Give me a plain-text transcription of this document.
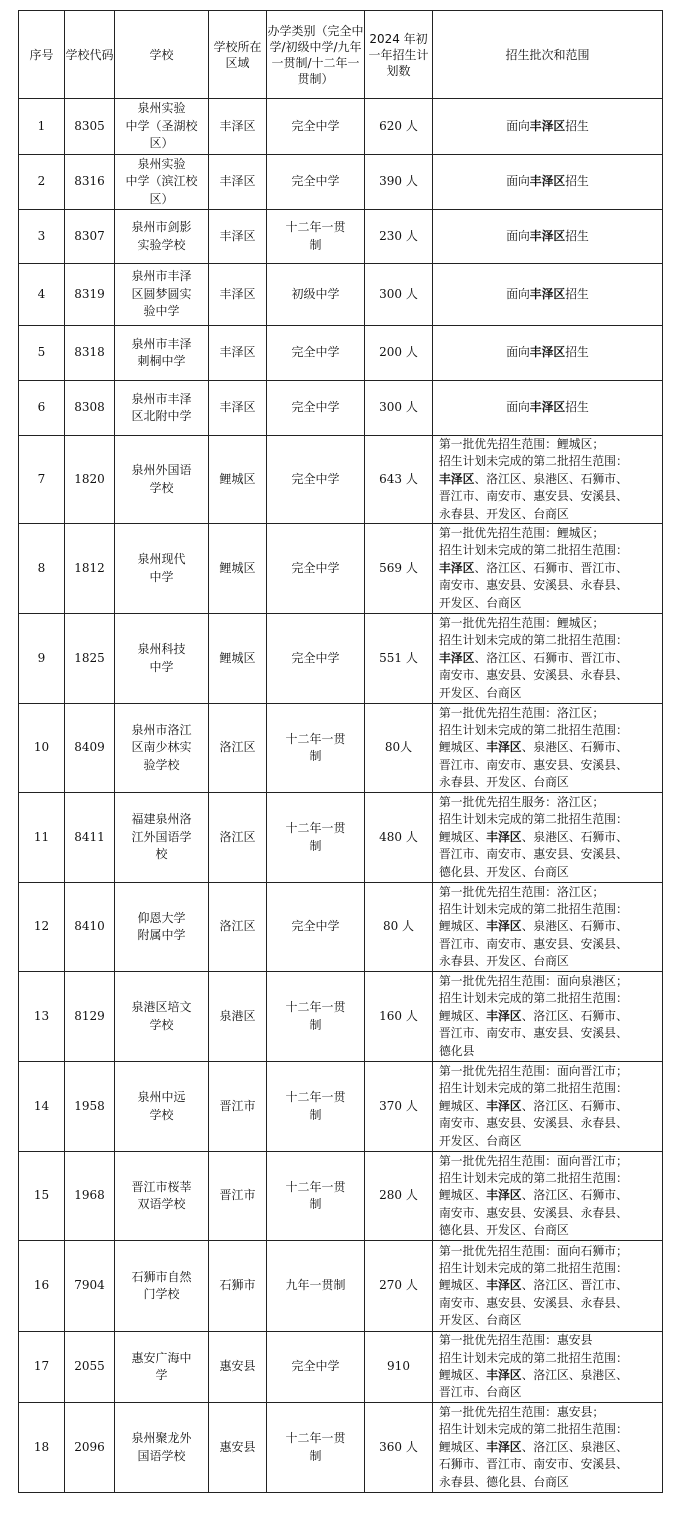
序号	学校代码	学校	学校所在区域	办学类别（完全中学/初级中学/九年一贯制/十二年一贯制）	2024 年初一年招生计划数	招生批次和范围

1	8305	泉州实验
中学（圣湖校
区）	丰泽区	完全中学	620 人	面向丰泽区招生

2	8316	泉州实验
中学（滨江校
区）	丰泽区	完全中学	390 人	面向丰泽区招生

3	8307	泉州市剑影
实验学校	丰泽区	十二年一贯
制	230 人	面向丰泽区招生

4	8319	泉州市丰泽
区圆梦圆实
验中学	丰泽区	初级中学	300 人	面向丰泽区招生

5	8318	泉州市丰泽
刺桐中学	丰泽区	完全中学	200 人	面向丰泽区招生

6	8308	泉州市丰泽
区北附中学	丰泽区	完全中学	300 人	面向丰泽区招生

7	1820	泉州外国语
学校	鲤城区	完全中学	643 人	第一批优先招生范围：鲤城区；
招生计划未完成的第二批招生范围：
丰泽区、洛江区、泉港区、石狮市、
晋江市、南安市、惠安县、安溪县、
永春县、开发区、台商区

8	1812	泉州现代
中学	鲤城区	完全中学	569 人	第一批优先招生范围：鲤城区；
招生计划未完成的第二批招生范围：
丰泽区、洛江区、石狮市、晋江市、
南安市、惠安县、安溪县、永春县、
开发区、台商区

9	1825	泉州科技
中学	鲤城区	完全中学	551 人	第一批优先招生范围：鲤城区；
招生计划未完成的第二批招生范围：
丰泽区、洛江区、石狮市、晋江市、
南安市、惠安县、安溪县、永春县、
开发区、台商区

10	8409	泉州市洛江
区南少林实
验学校	洛江区	十二年一贯
制	80人	第一批优先招生范围：洛江区；
招生计划未完成的第二批招生范围：
鲤城区、丰泽区、泉港区、石狮市、
晋江市、南安市、惠安县、安溪县、
永春县、开发区、台商区

11	8411	福建泉州洛
江外国语学
校	洛江区	十二年一贯
制	480 人	第一批优先招生服务：洛江区；
招生计划未完成的第二批招生范围：
鲤城区、丰泽区、泉港区、石狮市、
晋江市、南安市、惠安县、安溪县、
德化县、开发区、台商区

12	8410	仰恩大学
附属中学	洛江区	完全中学	80 人	第一批优先招生范围：洛江区；
招生计划未完成的第二批招生范围：
鲤城区、丰泽区、泉港区、石狮市、
晋江市、南安市、惠安县、安溪县、
永春县、开发区、台商区

13	8129	泉港区培文
学校	泉港区	十二年一贯
制	160 人	第一批优先招生范围：面向泉港区；
招生计划未完成的第二批招生范围：
鲤城区、丰泽区、洛江区、石狮市、
晋江市、南安市、惠安县、安溪县、
德化县

14	1958	泉州中远
学校	晋江市	十二年一贯
制	370 人	第一批优先招生范围：面向晋江市；
招生计划未完成的第二批招生范围：
鲤城区、丰泽区、洛江区、石狮市、
南安市、惠安县、安溪县、永春县、
开发区、台商区

15	1968	晋江市桜莘
双语学校	晋江市	十二年一贯
制	280 人	第一批优先招生范围：面向晋江市；
招生计划未完成的第二批招生范围：
鲤城区、丰泽区、洛江区、石狮市、
南安市、惠安县、安溪县、永春县、
德化县、开发区、台商区

16	7904	石狮市自然
门学校	石狮市	九年一贯制	270 人	第一批优先招生范围：面向石狮市；
招生计划未完成的第二批招生范围：
鲤城区、丰泽区、洛江区、晋江市、
南安市、惠安县、安溪县、永春县、
开发区、台商区

17	2055	惠安广海中
学	惠安县	完全中学	910	第一批优先招生范围：惠安县
招生计划未完成的第二批招生范围：
鲤城区、丰泽区、洛江区、泉港区、
晋江市、台商区

18	2096	泉州聚龙外
国语学校	惠安县	十二年一贯
制	360 人	第一批优先招生范围：惠安县；
招生计划未完成的第二批招生范围：
鲤城区、丰泽区、洛江区、泉港区、
石狮市、晋江市、南安市、安溪县、
永春县、德化县、台商区
